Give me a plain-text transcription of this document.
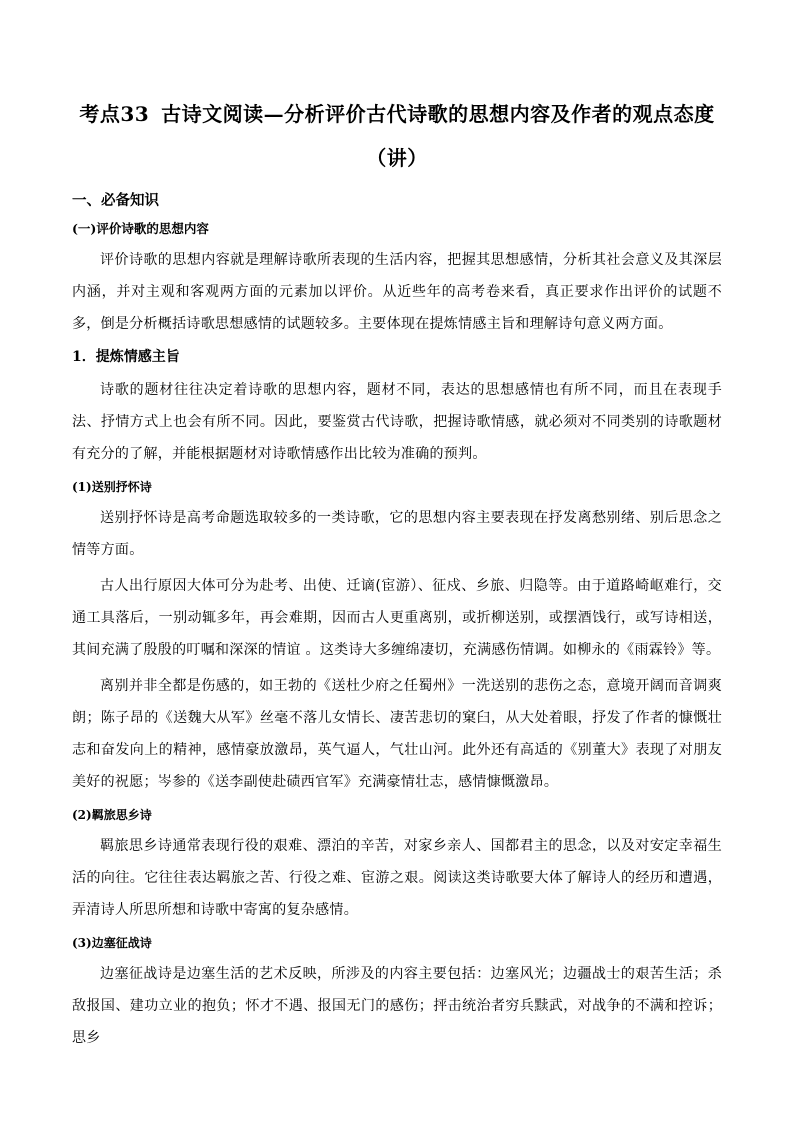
考点33 古诗文阅读—分析评价古代诗歌的思想内容及作者的观点态度（讲）
一、必备知识
(一)评价诗歌的思想内容

评价诗歌的思想内容就是理解诗歌所表现的生活内容，把握其思想感情，分析其社会意义及其深层内涵，并对主观和客观两方面的元素加以评价。从近些年的高考卷来看，真正要求作出评价的试题不多，倒是分析概括诗歌思想感情的试题较多。主要体现在提炼情感主旨和理解诗句意义两方面。

1．提炼情感主旨

诗歌的题材往往决定着诗歌的思想内容，题材不同，表达的思想感情也有所不同，而且在表现手法、抒情方式上也会有所不同。因此，要鉴赏古代诗歌，把握诗歌情感，就必须对不同类别的诗歌题材有充分的了解，并能根据题材对诗歌情感作出比较为准确的预判。

(1)送别抒怀诗

送别抒怀诗是高考命题选取较多的一类诗歌，它的思想内容主要表现在抒发离愁别绪、别后思念之情等方面。

古人出行原因大体可分为赴考、出使、迁谪(宦游）、征戍、乡旅、归隐等。由于道路崎岖难行，交通工具落后，一别动辄多年，再会难期，因而古人更重离别，或折柳送别，或摆酒饯行，或写诗相送，其间充满了殷殷的叮嘱和深深的情谊 。这类诗大多缠绵凄切，充满感伤情调。如柳永的《雨霖铃》等。

离别并非全都是伤感的，如王勃的《送杜少府之任蜀州》一洗送别的悲伤之态，意境开阔而音调爽朗；陈子昂的《送魏大从军》丝毫不落儿女情长、凄苦悲切的窠臼，从大处着眼，抒发了作者的慷慨壮志和奋发向上的精神，感情豪放激昂，英气逼人，气壮山河。此外还有高适的《别董大》表现了对朋友美好的祝愿；岑参的《送李副使赴碛西官军》充满豪情壮志，感情慷慨激昂。

(2)羁旅思乡诗

羁旅思乡诗通常表现行役的艰难、漂泊的辛苦，对家乡亲人、国都君主的思念，以及对安定幸福生活的向往。它往往表达羁旅之苦、行役之难、宦游之艰。阅读这类诗歌要大体了解诗人的经历和遭遇，弄清诗人所思所想和诗歌中寄寓的复杂感情。

(3)边塞征战诗

边塞征战诗是边塞生活的艺术反映，所涉及的内容主要包括：边塞风光；边疆战士的艰苦生活；杀敌报国、建功立业的抱负；怀才不遇、报国无门的感伤；抨击统治者穷兵黩武，对战争的不满和控诉；思乡
